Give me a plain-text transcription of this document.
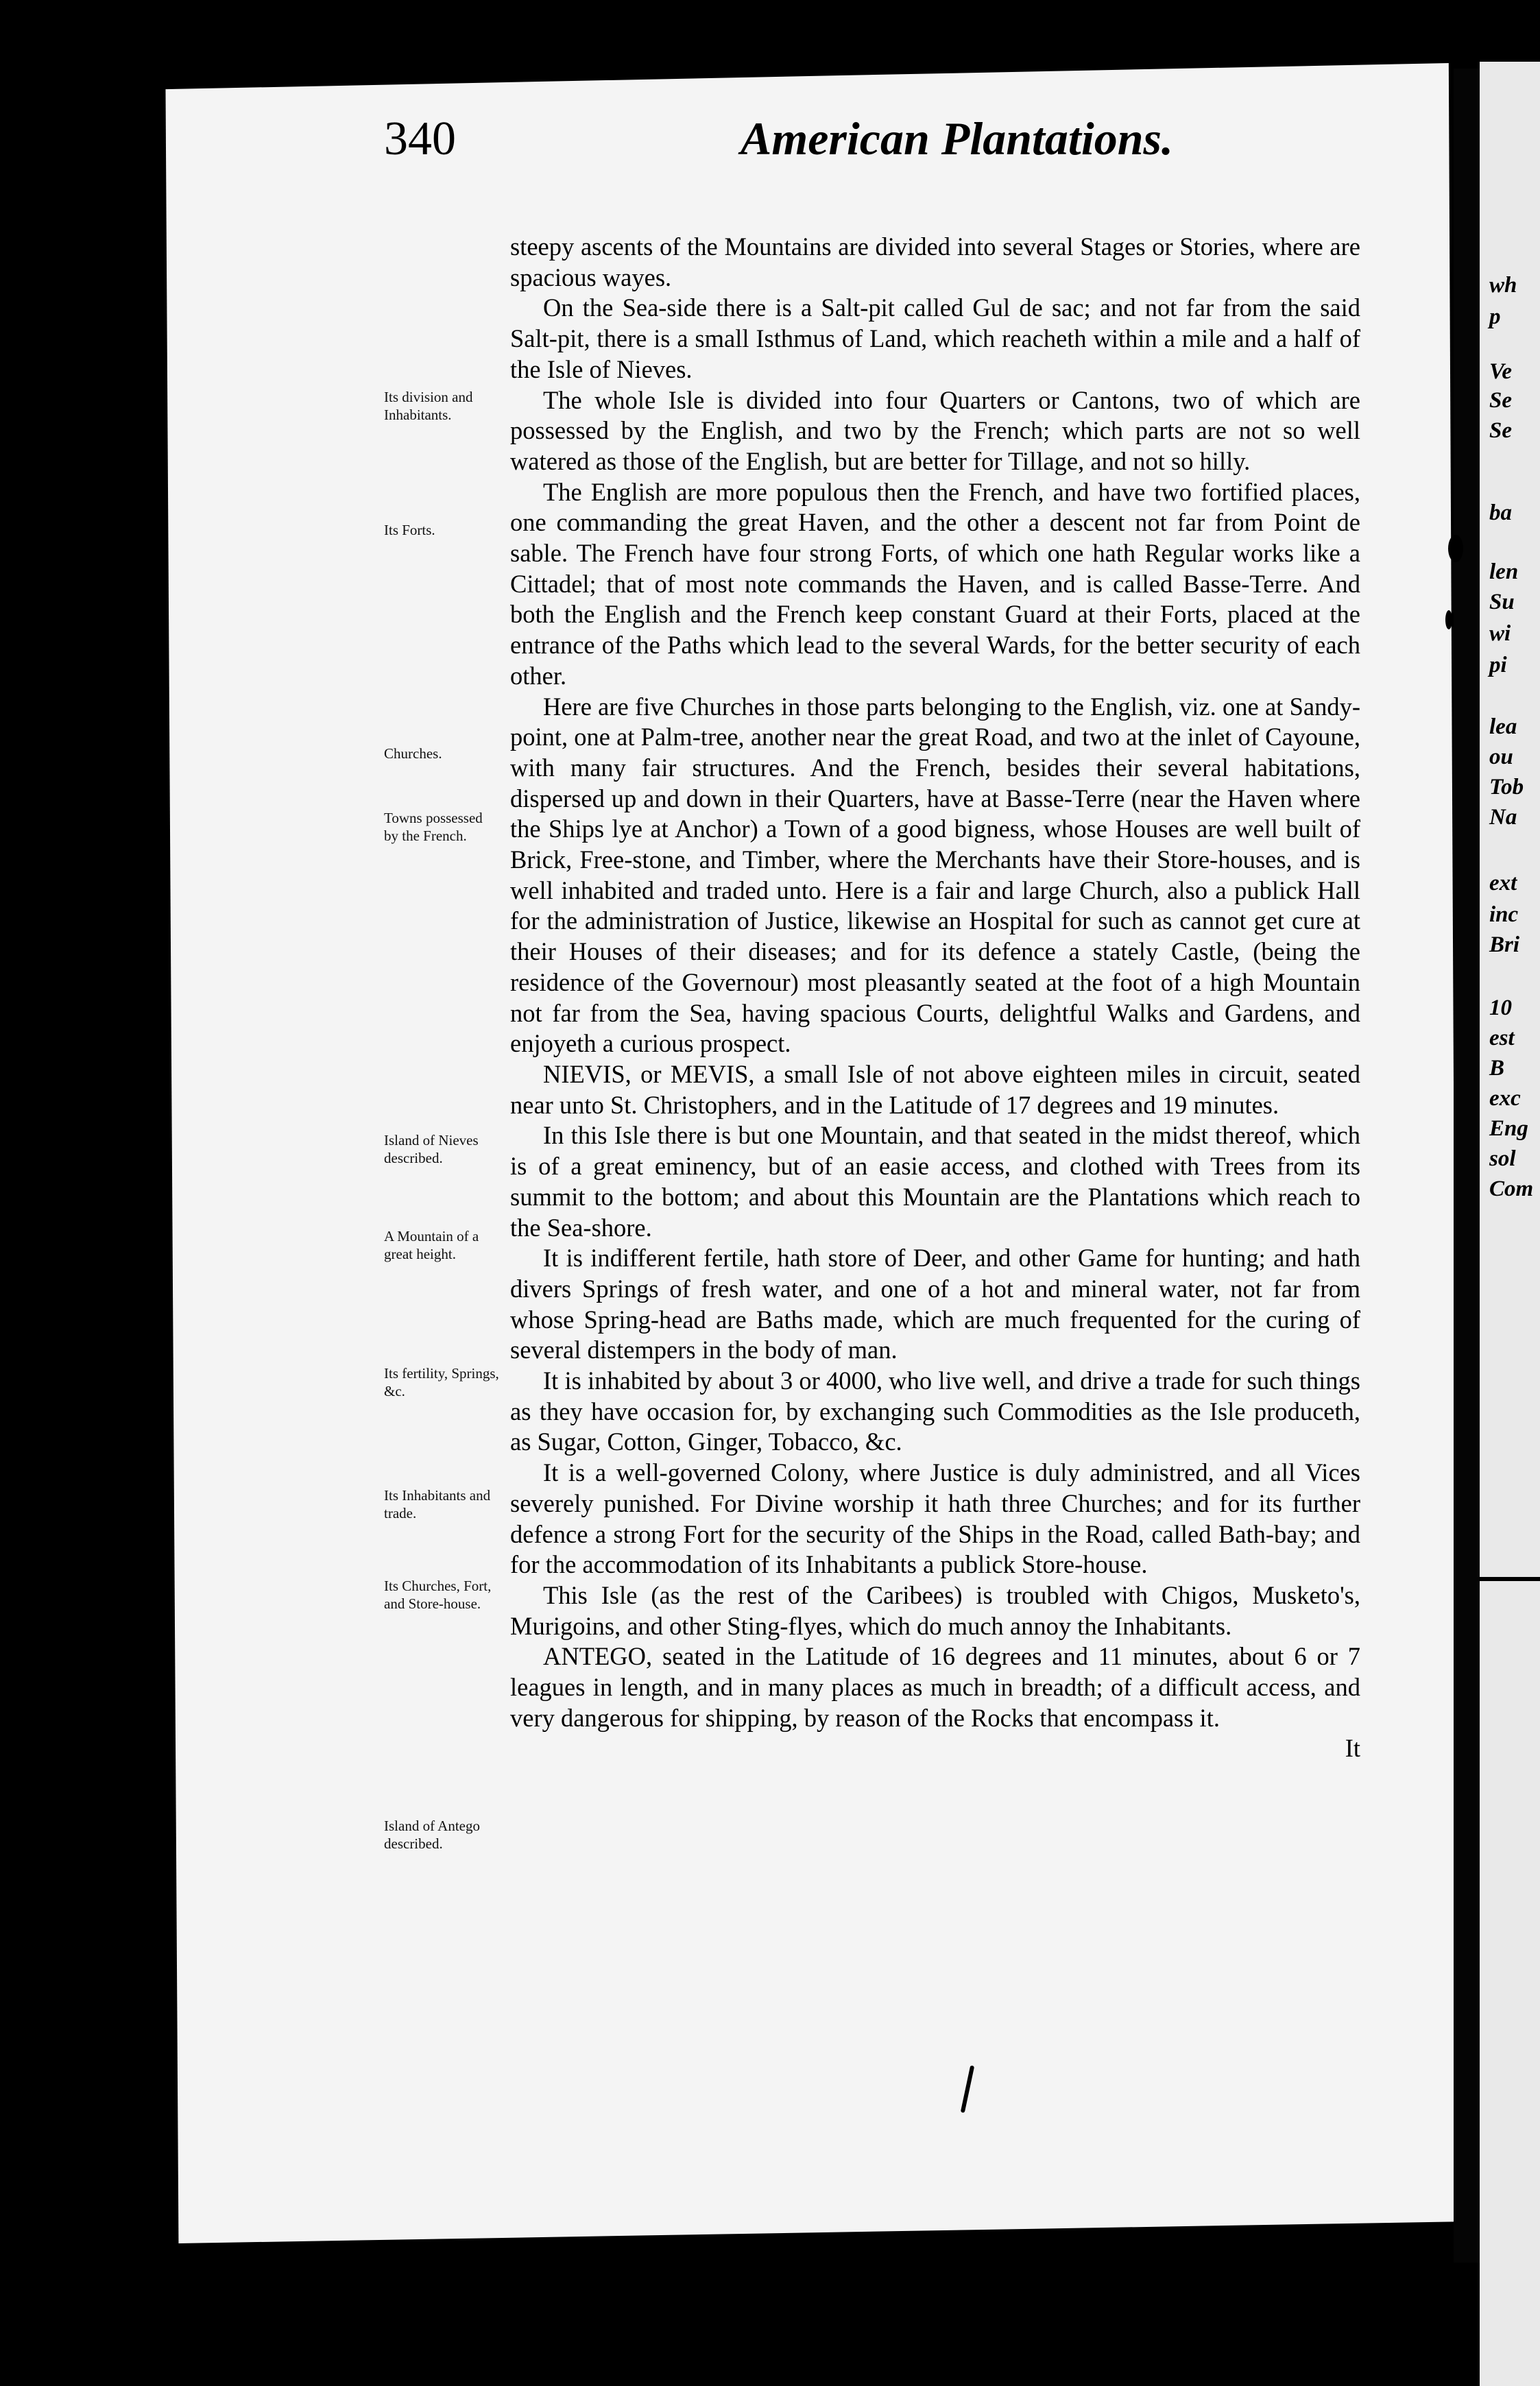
340	American Plantations.
Its division and Inhabitants.
Its Forts.
Churches.
Towns possessed by the French.
Island of Nieves described.
A Mountain of a great height.
Its fertility, Springs, &c.
Its Inhabitants and trade.
Its Churches, Fort, and Store-house.
Island of Antego described.

steepy ascents of the Mountains are divided into several Stages or Stories, where are spacious wayes.

On the Sea-side there is a Salt-pit called Gul de sac; and not far from the said Salt-pit, there is a small Isthmus of Land, which reacheth within a mile and a half of the Isle of Nieves.

The whole Isle is divided into four Quarters or Cantons, two of which are possessed by the English, and two by the French; which parts are not so well watered as those of the English, but are better for Tillage, and not so hilly.

The English are more populous then the French, and have two fortified places, one commanding the great Haven, and the other a descent not far from Point de sable. The French have four strong Forts, of which one hath Regular works like a Cittadel; that of most note commands the Haven, and is called Basse-Terre. And both the English and the French keep constant Guard at their Forts, placed at the entrance of the Paths which lead to the several Wards, for the better security of each other.

Here are five Churches in those parts belonging to the English, viz. one at Sandy-point, one at Palm-tree, another near the great Road, and two at the inlet of Cayoune, with many fair structures. And the French, besides their several habitations, dispersed up and down in their Quarters, have at Basse-Terre (near the Haven where the Ships lye at Anchor) a Town of a good bigness, whose Houses are well built of Brick, Free-stone, and Timber, where the Merchants have their Store-houses, and is well inhabited and traded unto. Here is a fair and large Church, also a publick Hall for the administration of Justice, likewise an Hospital for such as cannot get cure at their Houses of their diseases; and for its defence a stately Castle, (being the residence of the Governour) most pleasantly seated at the foot of a high Mountain not far from the Sea, having spacious Courts, delightful Walks and Gardens, and enjoyeth a curious prospect.

NIEVIS, or MEVIS, a small Isle of not above eighteen miles in circuit, seated near unto St. Christophers, and in the Latitude of 17 degrees and 19 minutes.

In this Isle there is but one Mountain, and that seated in the midst thereof, which is of a great eminency, but of an easie access, and clothed with Trees from its summit to the bottom; and about this Mountain are the Plantations which reach to the Sea-shore.

It is indifferent fertile, hath store of Deer, and other Game for hunting; and hath divers Springs of fresh water, and one of a hot and mineral water, not far from whose Spring-head are Baths made, which are much frequented for the curing of several distempers in the body of man.

It is inhabited by about 3 or 4000, who live well, and drive a trade for such things as they have occasion for, by exchanging such Commodities as the Isle produceth, as Sugar, Cotton, Ginger, Tobacco, &c.

It is a well-governed Colony, where Justice is duly administred, and all Vices severely punished. For Divine worship it hath three Churches; and for its further defence a strong Fort for the security of the Ships in the Road, called Bath-bay; and for the accommodation of its Inhabitants a publick Store-house.

This Isle (as the rest of the Caribees) is troubled with Chigos, Musketo's, Murigoins, and other Sting-flyes, which do much annoy the Inhabitants.

ANTEGO, seated in the Latitude of 16 degrees and 11 minutes, about 6 or 7 leagues in length, and in many places as much in breadth; of a difficult access, and very dangerous for shipping, by reason of the Rocks that encompass it.

It

wh
p
Ve
Se
Se
ba
len
Su
wi
pi
lea
ou
Tob
Na
ext
inc
Bri
10
est
B
exc
Eng
sol
Com
